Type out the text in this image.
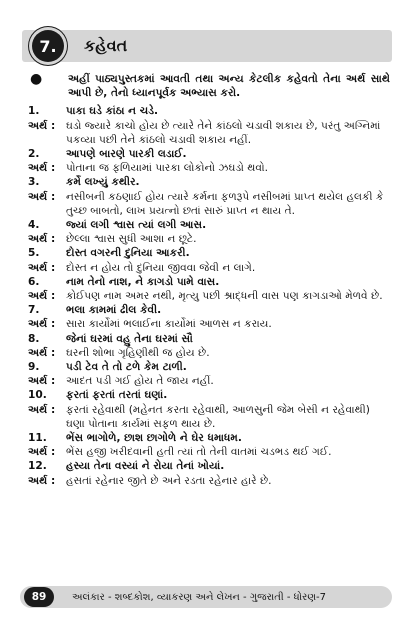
7.	કહેવત
●	અહીં પાઠ્યપુસ્તકમાં આવતી તથા અન્ય કેટલીક કહેવતો તેના અર્થ સાથે આપી છે, તેનો ધ્યાનપૂર્વક અભ્યાસ કરો.
1.	પાકા ઘડે કાંઠા ન ચડે.
અર્થ :	ઘડો જ્યારે કાચો હોય છે ત્યારે તેને કાંઠલો ચડાવી શકાય છે, પરંતુ અગ્નિમાં પકવ્યા પછી તેને કાંઠલો ચડાવી શકાય નહીં.
2.	આપણે બારણે પારકી લડાઈ.
અર્થ :	પોતાના જ ફળિયામાં પારકા લોકોનો ઝઘડો થવો.
3.	કર્મે લખ્યું કથીર.
અર્થ :	નસીબની કઠણાઈ હોય ત્યારે કર્મના ફળરૂપે નસીબમાં પ્રાપ્ત થયેલ હલકી કે તુચ્છ બાબતો, લાખ પ્રયત્નો છતાં સારું પ્રાપ્ત ન થાય તે.
4.	જ્યાં લગી શ્વાસ ત્યાં લગી આસ.
અર્થ :	છેલ્લા શ્વાસ સુધી આશા ન છૂટે.
5.	દોસ્ત વગરની દુનિયા આકરી.
અર્થ :	દોસ્ત ન હોય તો દુનિયા જીવવા જેવી ન લાગે.
6.	નામ તેનો નાશ, ને કાગડો પામે વાસ.
અર્થ :	કોઈપણ નામ અમર નથી, મૃત્યુ પછી શ્રાદ્ધની વાસ પણ કાગડાઓ મેળવે છે.
7.	ભલા કામમાં ઢીલ કેવી.
અર્થ :	સારા કાર્યોમાં ભલાઈના કાર્યોમાં આળસ ન કરાય.
8.	જેનાં ઘરમાં વહુ તેના ઘરમાં સૌ
અર્થ :	ઘરની શોભા ગૃહિણીથી જ હોય છે.
9.	પડી ટેવ તે તો ટળે કેમ ટાળી.
અર્થ :	આદત પડી ગઈ હોય તે જાય નહીં.
10.	ફરતાં ફરતાં તરતાં ઘણાં.
અર્થ :	ફરતાં રહેવાથી (મહેનત કરતા રહેવાથી, આળસુની જેમ બેસી ન રહેવાથી) ઘણા પોતાના કાર્યમાં સફળ થાય છે.
11.	ભેંસ ભાગોળે, છાશ છાગોળે ને ઘેર ધમાધમ.
અર્થ :	ભેંસ હજી ખરીદવાની હતી ત્યાં તો તેની વાતમાં ચડભડ થઈ ગઈ.
12.	હસ્યા તેના વસ્યાં ને રોયા તેનાં ખોયાં.
અર્થ :	હસતાં રહેનાર જીતે છે અને રડતા રહેનાર હારે છે.
89	અલંકાર - શબ્દકોશ, વ્યાકરણ અને લેખન - ગુજરાતી - ધોરણ-7
